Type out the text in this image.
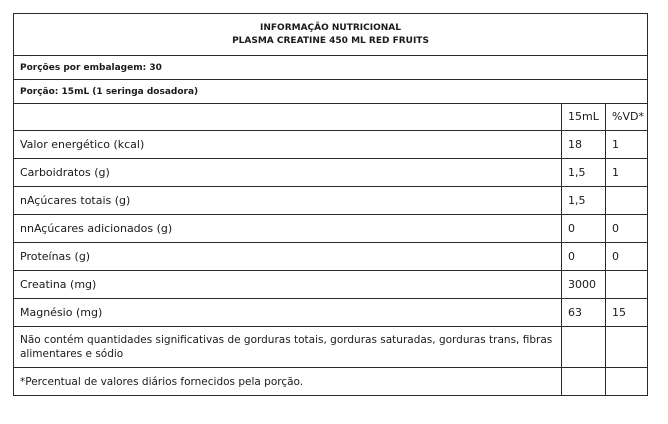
INFORMAÇÃO NUTRICIONAL
PLASMA CREATINE 450 ML RED FRUITS		

Porções por embalagem: 30		
Porção: 15mL (1 seringa dosadora)		
	15mL	%VD*
Valor energético (kcal)	18	1
Carboidratos (g)	1,5	1
nAçúcares totais (g)	1,5	
nnAçúcares adicionados (g)	0	0
Proteínas (g)	0	0
Creatina (mg)	3000	
Magnésio (mg)	63	15
Não contém quantidades significativas de gorduras totais, gorduras saturadas, gorduras trans, fibras alimentares e sódio		
*Percentual de valores diários fornecidos pela porção.		
